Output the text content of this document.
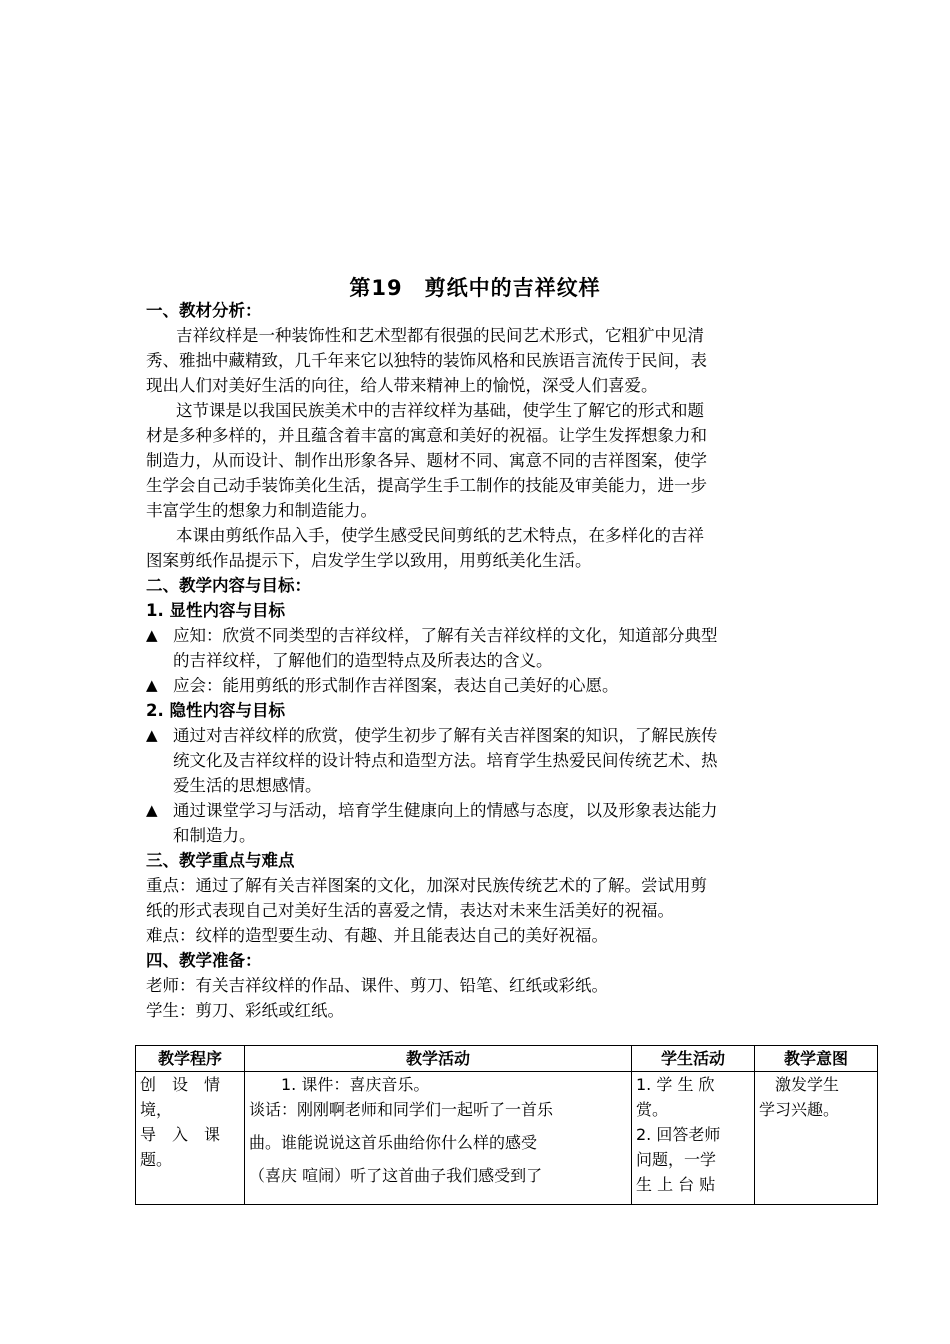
第19　剪纸中的吉祥纹样
一、教材分析：
吉祥纹样是一种装饰性和艺术型都有很强的民间艺术形式，它粗犷中见清
秀、雅拙中藏精致，几千年来它以独特的装饰风格和民族语言流传于民间，表
现出人们对美好生活的向往，给人带来精神上的愉悦，深受人们喜爱。
这节课是以我国民族美术中的吉祥纹样为基础，使学生了解它的形式和题
材是多种多样的，并且蕴含着丰富的寓意和美好的祝福。让学生发挥想象力和
制造力，从而设计、制作出形象各异、题材不同、寓意不同的吉祥图案，使学
生学会自己动手装饰美化生活，提高学生手工制作的技能及审美能力，进一步
丰富学生的想象力和制造能力。
本课由剪纸作品入手，使学生感受民间剪纸的艺术特点，在多样化的吉祥
图案剪纸作品提示下，启发学生学以致用，用剪纸美化生活。
二、教学内容与目标：
1. 显性内容与目标
▲ 应知：欣赏不同类型的吉祥纹样，了解有关吉祥纹样的文化，知道部分典型
的吉祥纹样，了解他们的造型特点及所表达的含义。
▲ 应会：能用剪纸的形式制作吉祥图案，表达自己美好的心愿。
2. 隐性内容与目标
▲ 通过对吉祥纹样的欣赏，使学生初步了解有关吉祥图案的知识，了解民族传
统文化及吉祥纹样的设计特点和造型方法。培育学生热爱民间传统艺术、热
爱生活的思想感情。
▲ 通过课堂学习与活动，培育学生健康向上的情感与态度，以及形象表达能力
和制造力。
三、教学重点与难点
重点：通过了解有关吉祥图案的文化，加深对民族传统艺术的了解。尝试用剪
纸的形式表现自己对美好生活的喜爱之情，表达对未来生活美好的祝福。
难点：纹样的造型要生动、有趣、并且能表达自己的美好祝福。
四、教学准备：
老师：有关吉祥纹样的作品、课件、剪刀、铅笔、红纸或彩纸。
学生：剪刀、彩纸或红纸。
教学程序	教学活动	学生活动	教学意图

创　设　情
境，
导　入　课
题。	　　1. 课件：喜庆音乐。
谈话：刚刚啊老师和同学们一起听了一首乐
曲。谁能说说这首乐曲给你什么样的感受
（喜庆 喧闹）听了这首曲子我们感受到了	1. 学 生 欣
赏。
2. 回答老师
问题，一学
生 上 台 贴	　激发学生
学习兴趣。
